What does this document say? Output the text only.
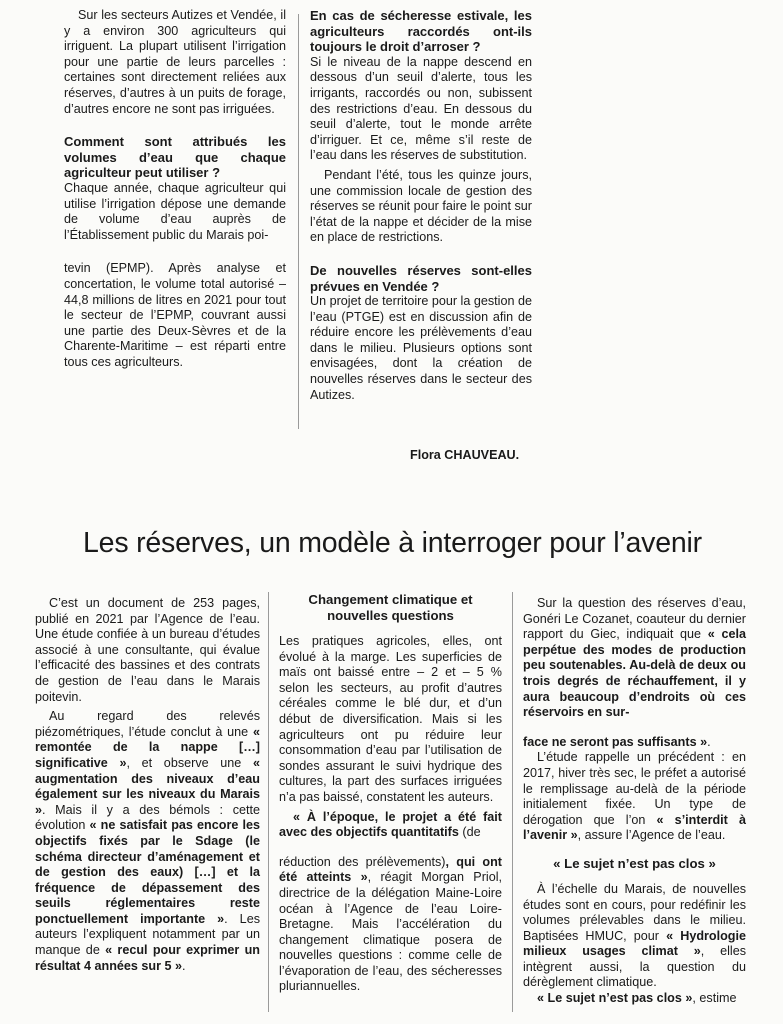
Sur les secteurs Autizes et Vendée, il y a environ 300 agriculteurs qui irriguent. La plupart utilisent l’irrigation pour une partie de leurs parcelles : certaines sont directement reliées aux réserves, d’autres à un puits de forage, d’autres encore ne sont pas irriguées.

Comment sont attribués les volumes d’eau que chaque agriculteur peut utiliser ?

Chaque année, chaque agriculteur qui utilise l’irrigation dépose une demande de volume d’eau auprès de l’Établissement public du Marais poi-

tevin (EPMP). Après analyse et concertation, le volume total autorisé – 44,8 millions de litres en 2021 pour tout le secteur de l’EPMP, couvrant aussi une partie des Deux-Sèvres et de la Charente-Maritime – est réparti entre tous ces agriculteurs.

En cas de sécheresse estivale, les agriculteurs raccordés ont-ils toujours le droit d’arroser ?

Si le niveau de la nappe descend en dessous d’un seuil d’alerte, tous les irrigants, raccordés ou non, subissent des restrictions d’eau. En dessous du seuil d’alerte, tout le monde arrête d’irriguer. Et ce, même s’il reste de l’eau dans les réserves de substitution.

Pendant l’été, tous les quinze jours, une commission locale de gestion des réserves se réunit pour faire le point sur l’état de la nappe et décider de la mise en place de restrictions.

De nouvelles réserves sont-elles prévues en Vendée ?

Un projet de territoire pour la gestion de l’eau (PTGE) est en discussion afin de réduire encore les prélèvements d’eau dans le milieu. Plusieurs options sont envisagées, dont la création de nouvelles réserves dans le secteur des Autizes.

Flora CHAUVEAU.
Les réserves, un modèle à interroger pour l’avenir

C’est un document de 253 pages, publié en 2021 par l’Agence de l’eau. Une étude confiée à un bureau d’études associé à une consultante, qui évalue l’efficacité des bassines et des contrats de gestion de l’eau dans le Marais poitevin.

Au regard des relevés piézométriques, l’étude conclut à une « remontée de la nappe […] significative », et observe une « augmentation des niveaux d’eau également sur les niveaux du Marais ». Mais il y a des bémols : cette évolution « ne satisfait pas encore les objectifs fixés par le Sdage (le schéma directeur d’aménagement et de gestion des eaux) […] et la fréquence de dépassement des seuils réglementaires reste ponctuellement importante ». Les auteurs l’expliquent notamment par un manque de « recul pour exprimer un résultat 4 années sur 5 ».

Changement climatique et nouvelles questions

Les pratiques agricoles, elles, ont évolué à la marge. Les superficies de maïs ont baissé entre – 2 et – 5 % selon les secteurs, au profit d’autres céréales comme le blé dur, et d’un début de diversification. Mais si les agriculteurs ont pu réduire leur consommation d’eau par l’utilisation de sondes assurant le suivi hydrique des cultures, la part des surfaces irriguées n’a pas baissé, constatent les auteurs.

« À l’époque, le projet a été fait avec des objectifs quantitatifs (de

réduction des prélèvements), qui ont été atteints », réagit Morgan Priol, directrice de la délégation Maine-Loire océan à l’Agence de l’eau Loire-Bretagne. Mais l’accélération du changement climatique posera de nouvelles questions : comme celle de l’évaporation de l’eau, des sécheresses pluriannuelles.

Sur la question des réserves d’eau, Gonéri Le Cozanet, coauteur du dernier rapport du Giec, indiquait que « cela perpétue des modes de production peu soutenables. Au-delà de deux ou trois degrés de réchauffement, il y aura beaucoup d’endroits où ces réservoirs en sur-

face ne seront pas suffisants ».

L’étude rappelle un précédent : en 2017, hiver très sec, le préfet a autorisé le remplissage au-delà de la période initialement fixée. Un type de dérogation que l’on « s’interdit à l’avenir », assure l’Agence de l’eau.

« Le sujet n’est pas clos »

À l’échelle du Marais, de nouvelles études sont en cours, pour redéfinir les volumes prélevables dans le milieu. Baptisées HMUC, pour « Hydrologie milieux usages climat », elles intègrent aussi, la question du dérèglement climatique.

« Le sujet n’est pas clos », estime
